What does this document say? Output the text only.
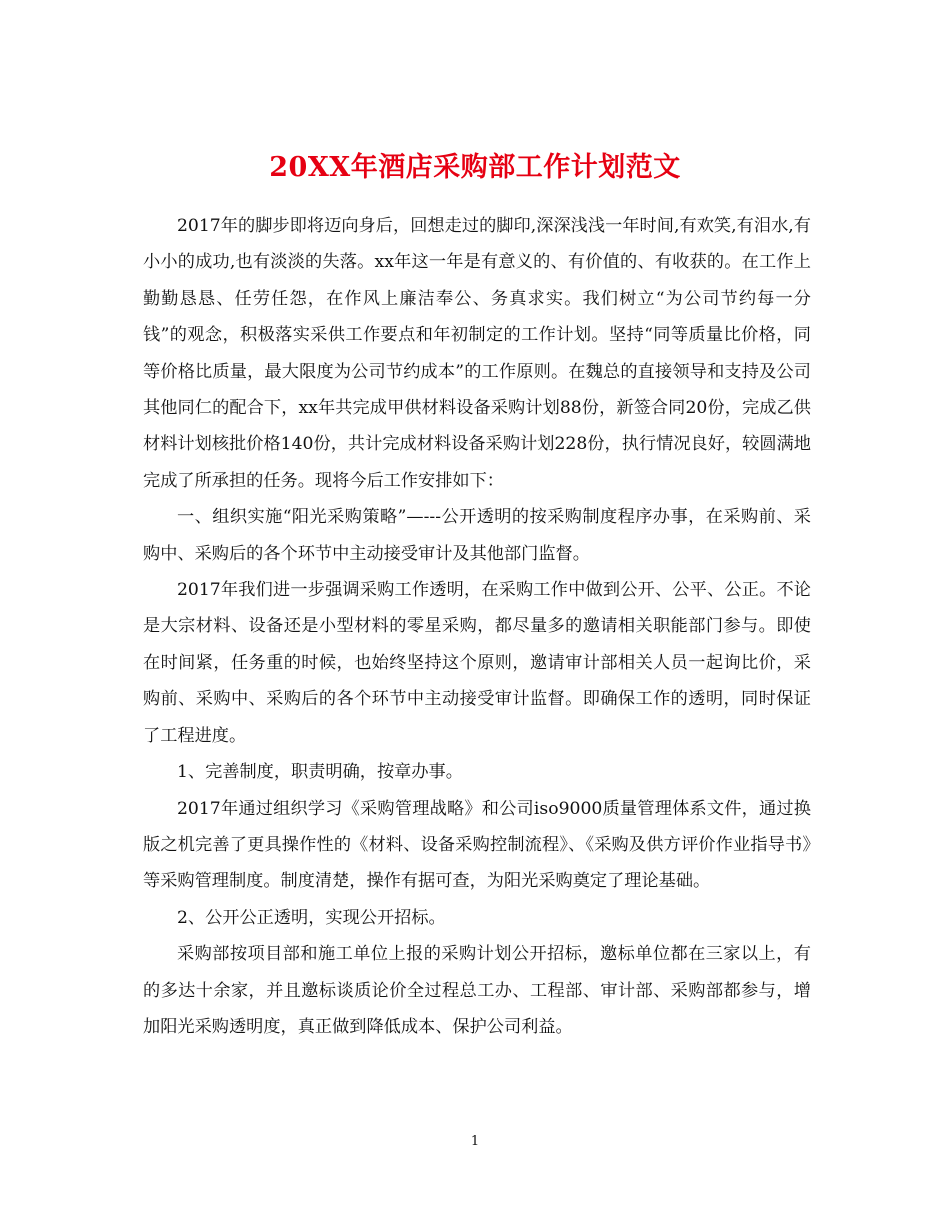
20XX年酒店采购部工作计划范文

2017年的脚步即将迈向身后，回想走过的脚印,深深浅浅一年时间,有欢笑,有泪水,有小小的成功,也有淡淡的失落。xx年这一年是有意义的、有价值的、有收获的。在工作上勤勤恳恳、任劳任怨，在作风上廉洁奉公、务真求实。我们树立“为公司节约每一分钱”的观念，积极落实采供工作要点和年初制定的工作计划。坚持“同等质量比价格，同等价格比质量，最大限度为公司节约成本”的工作原则。在魏总的直接领导和支持及公司其他同仁的配合下，xx年共完成甲供材料设备采购计划88份，新签合同20份，完成乙供材料计划核批价格140份，共计完成材料设备采购计划228份，执行情况良好，较圆满地完成了所承担的任务。现将今后工作安排如下：

一、组织实施“阳光采购策略”—---公开透明的按采购制度程序办事，在采购前、采购中、采购后的各个环节中主动接受审计及其他部门监督。

2017年我们进一步强调采购工作透明，在采购工作中做到公开、公平、公正。不论是大宗材料、设备还是小型材料的零星采购，都尽量多的邀请相关职能部门参与。即使在时间紧，任务重的时候，也始终坚持这个原则，邀请审计部相关人员一起询比价，采购前、采购中、采购后的各个环节中主动接受审计监督。即确保工作的透明，同时保证了工程进度。

1、完善制度，职责明确，按章办事。

2017年通过组织学习《采购管理战略》和公司iso9000质量管理体系文件，通过换版之机完善了更具操作性的《材料、设备采购控制流程》、《采购及供方评价作业指导书》等采购管理制度。制度清楚，操作有据可查，为阳光采购奠定了理论基础。

2、公开公正透明，实现公开招标。

采购部按项目部和施工单位上报的采购计划公开招标，邀标单位都在三家以上，有的多达十余家，并且邀标谈质论价全过程总工办、工程部、审计部、采购部都参与，增加阳光采购透明度，真正做到降低成本、保护公司利益。

1
